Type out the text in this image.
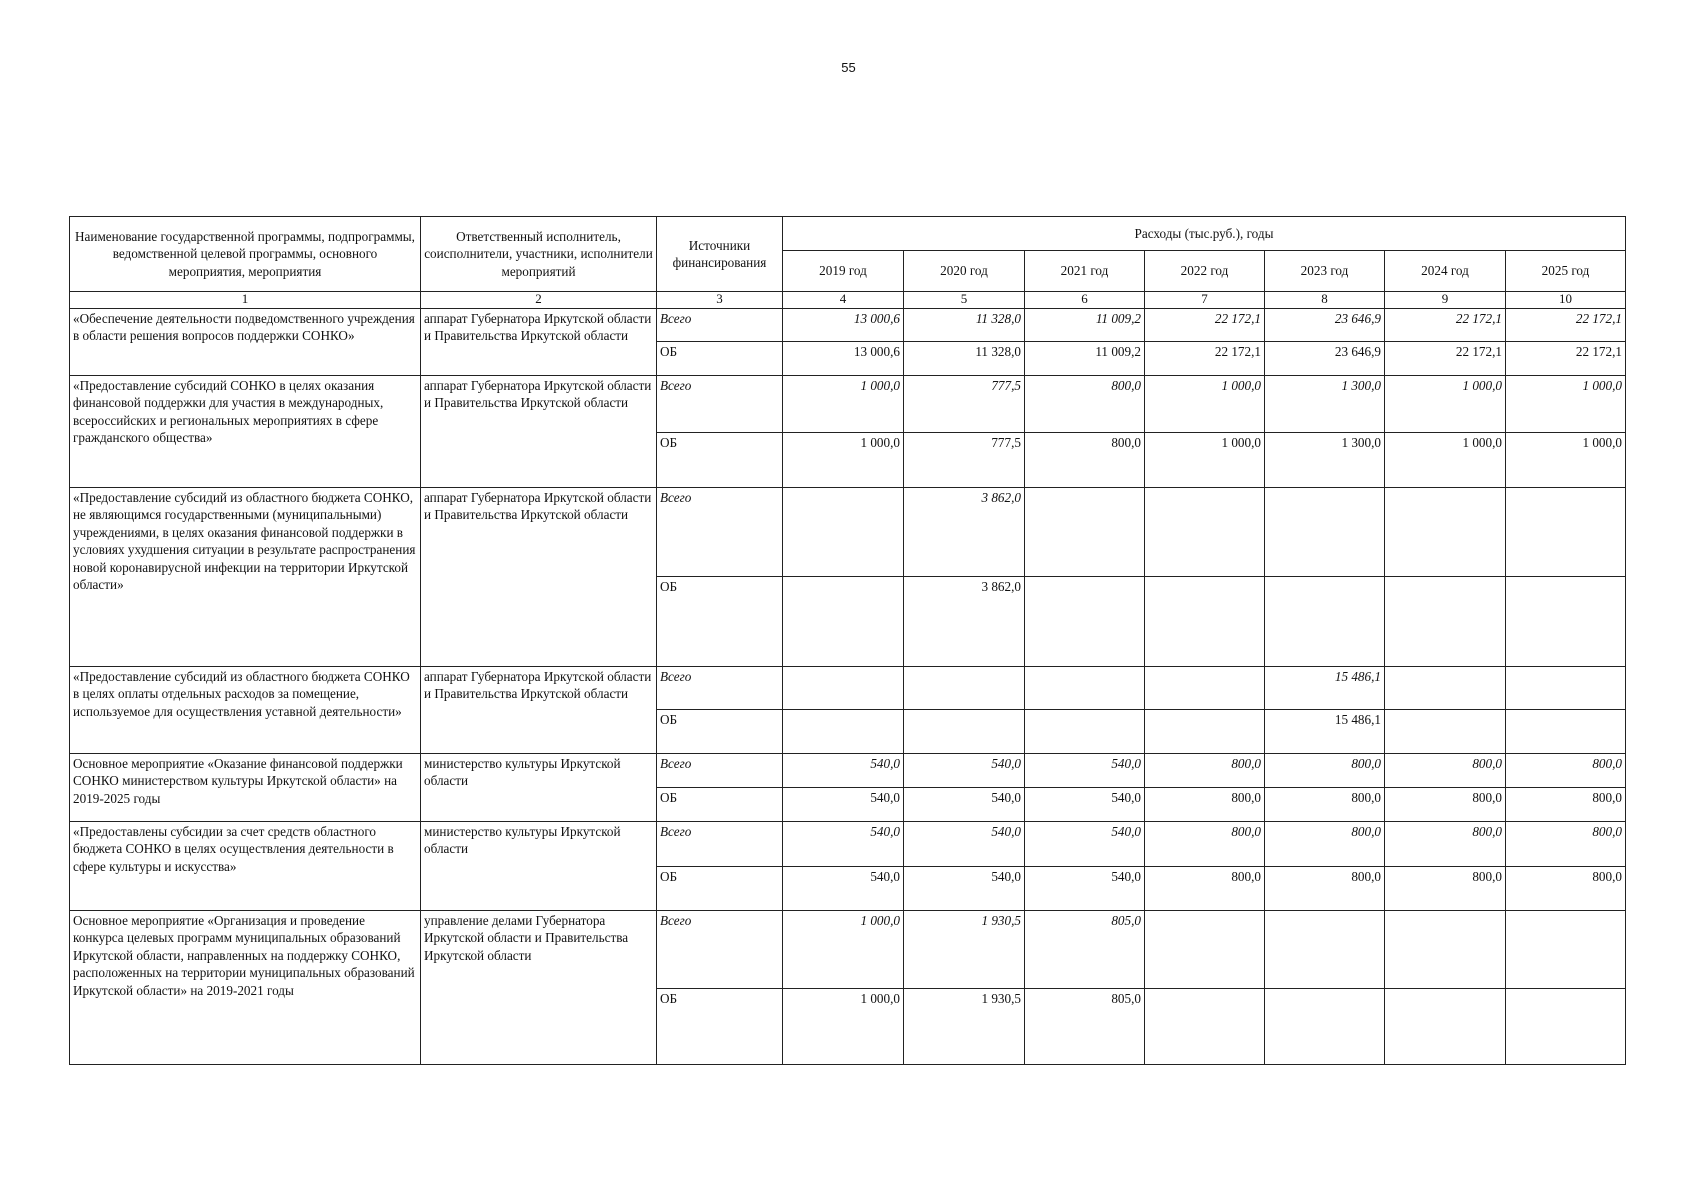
55
Наименование государственной программы, подпрограммы, ведомственной целевой программы, основного мероприятия, мероприятия	Ответственный исполнитель, соисполнители, участники, исполнители мероприятий	Источники финансирования	Расходы (тыс.руб.), годы						
			2019 год	2020 год	2021 год	2022 год	2023 год	2024 год	2025 год
1	2	3	4	5	6	7	8	9	10
«Обеспечение деятельности подведомственного учреждения в области решения вопросов поддержки СОНКО»	аппарат Губернатора Иркутской области и Правительства Иркутской области	Всего	13 000,6	11 328,0	11 009,2	22 172,1	23 646,9	22 172,1	22 172,1
		ОБ	13 000,6	11 328,0	11 009,2	22 172,1	23 646,9	22 172,1	22 172,1
«Предоставление субсидий СОНКО в целях оказания финансовой поддержки для участия в международных, всероссийских и региональных мероприятиях в сфере гражданского общества»	аппарат Губернатора Иркутской области и Правительства Иркутской области	Всего	1 000,0	777,5	800,0	1 000,0	1 300,0	1 000,0	1 000,0
		ОБ	1 000,0	777,5	800,0	1 000,0	1 300,0	1 000,0	1 000,0
«Предоставление субсидий из областного бюджета СОНКО, не являющимся государственными (муниципальными) учреждениями, в целях оказания финансовой поддержки в условиях ухудшения ситуации в результате распространения новой коронавирусной инфекции на территории Иркутской области»	аппарат Губернатора Иркутской области и Правительства Иркутской области	Всего		3 862,0					
		ОБ		3 862,0					
«Предоставление субсидий из областного бюджета СОНКО в целях оплаты отдельных расходов за помещение, используемое для осуществления уставной деятельности»	аппарат Губернатора Иркутской области и Правительства Иркутской области	Всего					15 486,1		
		ОБ					15 486,1		
Основное мероприятие «Оказание финансовой поддержки СОНКО министерством культуры Иркутской области» на 2019-2025 годы	министерство культуры Иркутской области	Всего	540,0	540,0	540,0	800,0	800,0	800,0	800,0
		ОБ	540,0	540,0	540,0	800,0	800,0	800,0	800,0
«Предоставлены субсидии за счет средств областного бюджета СОНКО в целях осуществления деятельности в сфере культуры и искусства»	министерство культуры Иркутской области	Всего	540,0	540,0	540,0	800,0	800,0	800,0	800,0
		ОБ	540,0	540,0	540,0	800,0	800,0	800,0	800,0
Основное мероприятие «Организация и проведение конкурса целевых программ муниципальных образований Иркутской области, направленных на поддержку СОНКО, расположенных на территории муниципальных образований Иркутской области» на 2019-2021 годы	управление делами Губернатора Иркутской области и Правительства Иркутской области	Всего	1 000,0	1 930,5	805,0				
		ОБ	1 000,0	1 930,5	805,0				
